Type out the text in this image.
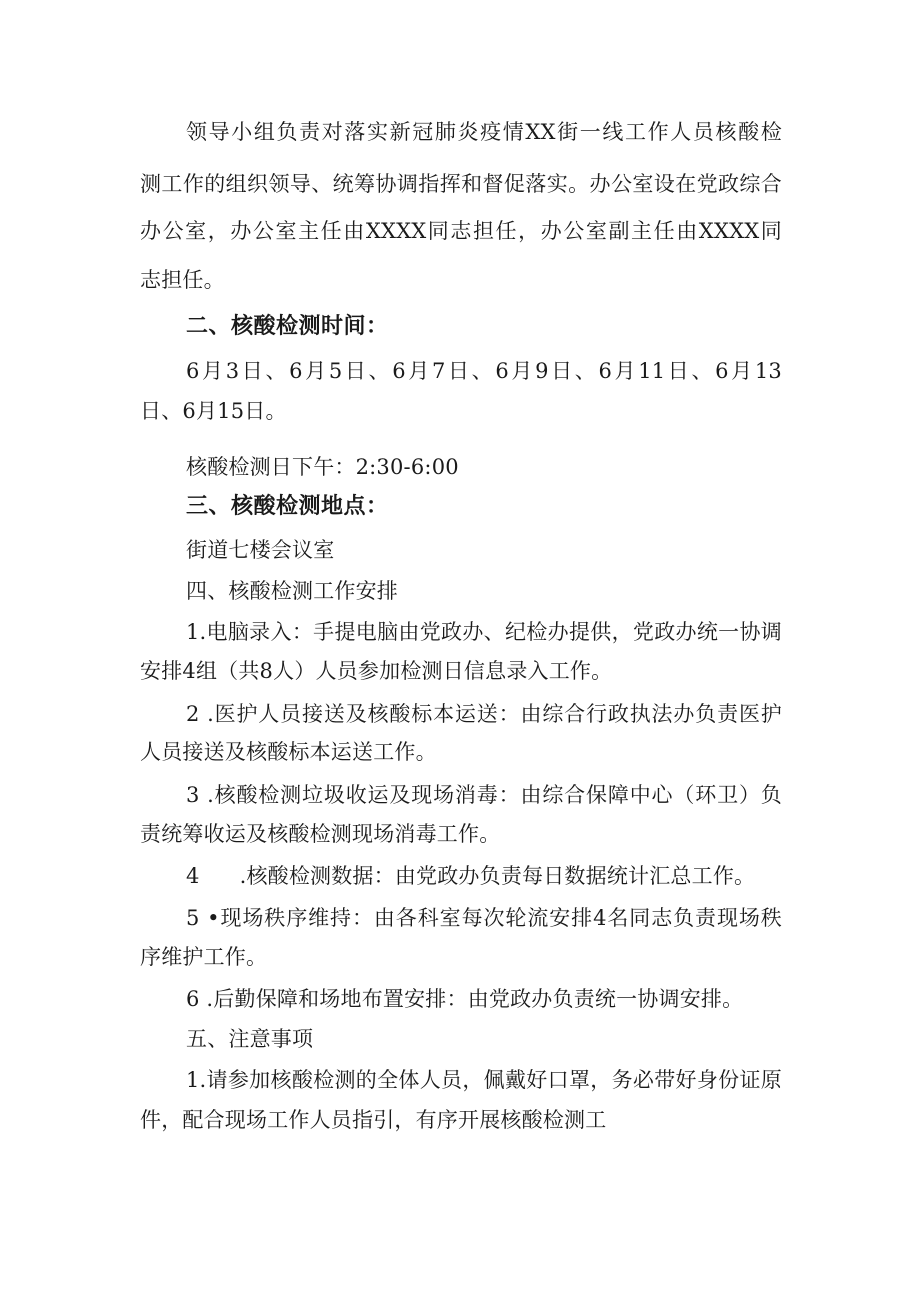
领导小组负责对落实新冠肺炎疫情XX街一线工作人员核酸检
测工作的组织领导、统筹协调指挥和督促落实。办公室设在党政综合
办公室，办公室主任由XXXX同志担任，办公室副主任由XXXX同
志担任。
二、核酸检测时间：
6月3日、6月5日、6月7日、6月9日、6月11日、6月13
日、6月15日。
核酸检测日下午：2:30-6:00
三、核酸检测地点：
街道七楼会议室
四、核酸检测工作安排
1.电脑录入：手提电脑由党政办、纪检办提供，党政办统一协调
安排4组（共8人）人员参加检测日信息录入工作。
2 .医护人员接送及核酸标本运送：由综合行政执法办负责医护
人员接送及核酸标本运送工作。
3 .核酸检测垃圾收运及现场消毒：由综合保障中心（环卫）负
责统筹收运及核酸检测现场消毒工作。
4 .核酸检测数据：由党政办负责每日数据统计汇总工作。
5 •现场秩序维持：由各科室每次轮流安排4名同志负责现场秩
序维护工作。
6 .后勤保障和场地布置安排：由党政办负责统一协调安排。
五、注意事项
1.请参加核酸检测的全体人员，佩戴好口罩，务必带好身份证原
件，配合现场工作人员指引，有序开展核酸检测工
